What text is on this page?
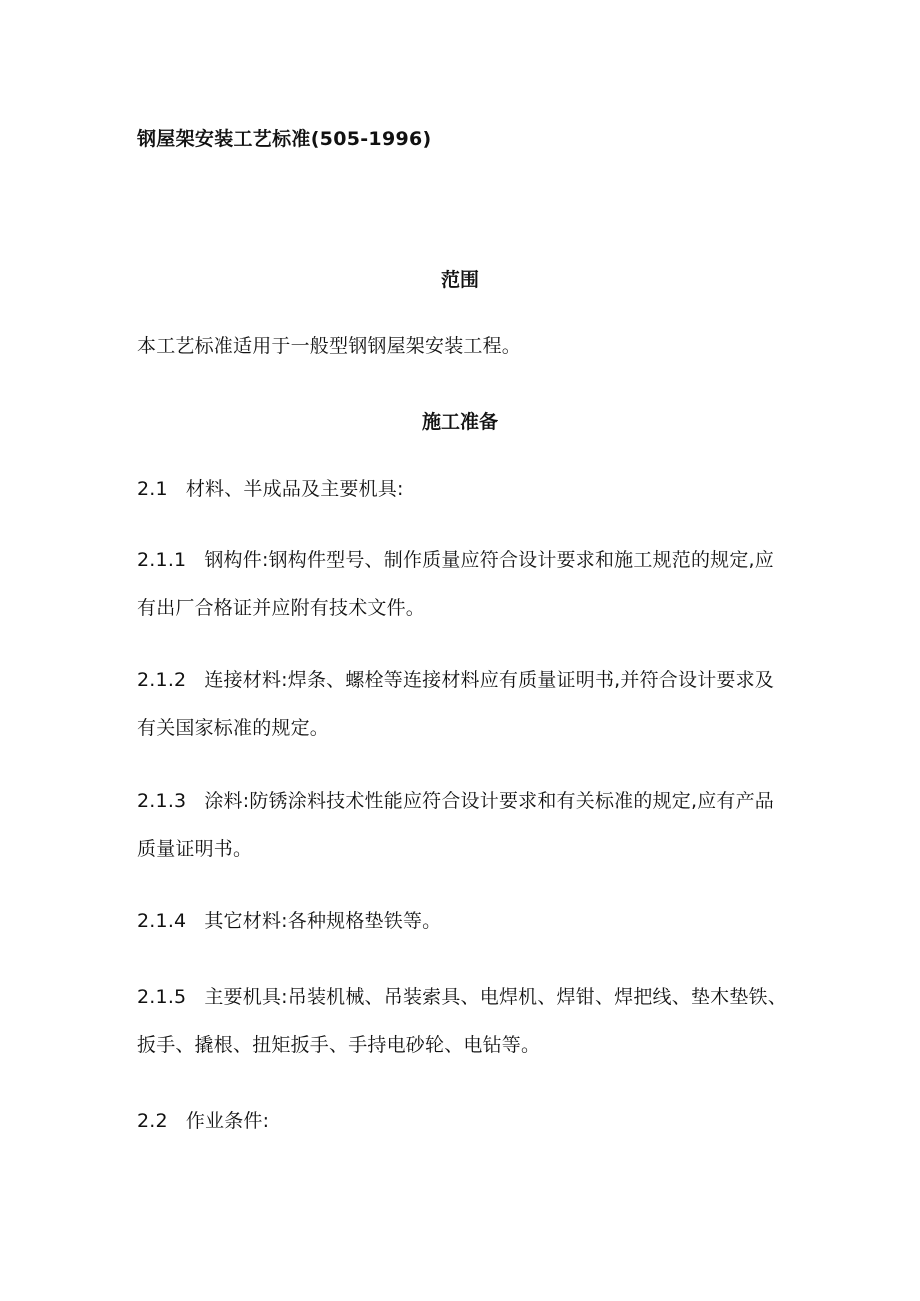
钢屋架安装工艺标准(505-1996)
范围
本工艺标准适用于一般型钢钢屋架安装工程。
施工准备
2.1 材料、半成品及主要机具:
2.1.1 钢构件:钢构件型号、制作质量应符合设计要求和施工规范的规定,应有出厂合格证并应附有技术文件。
2.1.2 连接材料:焊条、螺栓等连接材料应有质量证明书,并符合设计要求及有关国家标准的规定。
2.1.3 涂料:防锈涂料技术性能应符合设计要求和有关标准的规定,应有产品质量证明书。
2.1.4 其它材料:各种规格垫铁等。
2.1.5 主要机具:吊装机械、吊装索具、电焊机、焊钳、焊把线、垫木垫铁、扳手、撬根、扭矩扳手、手持电砂轮、电钻等。
2.2 作业条件:
